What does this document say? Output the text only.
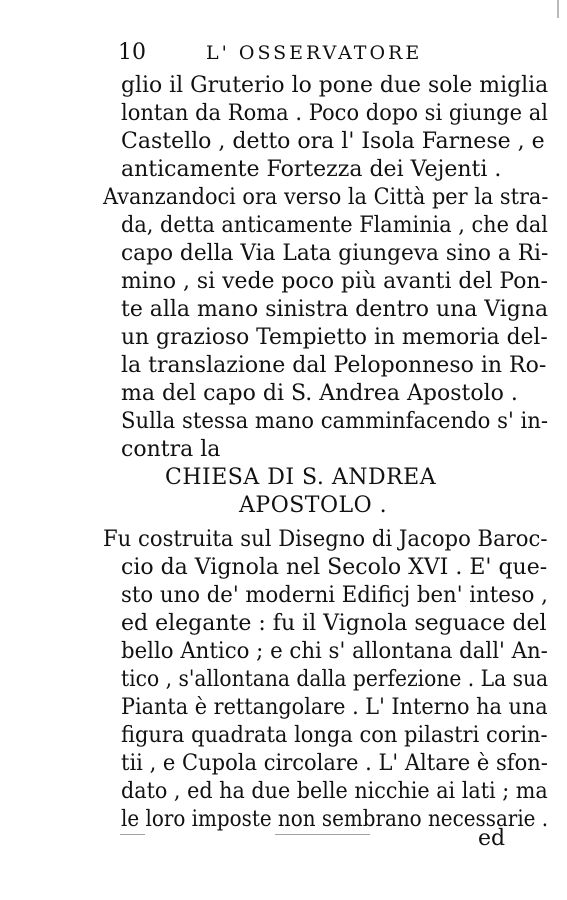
10	L' OSSERVATORE
glio il Gruterio lo pone due sole miglia
lontan da Roma . Poco dopo si giunge al
Castello , detto ora l' Isola Farnese , e
anticamente Fortezza dei Vejenti .
Avanzandoci ora verso la Città per la stra-
da, detta anticamente Flaminia , che dal
capo della Via Lata giungeva sino a Ri-
mino , si vede poco più avanti del Pon-
te alla mano sinistra dentro una Vigna
un grazioso Tempietto in memoria del-
la translazione dal Peloponneso in Ro-
ma del capo di S. Andrea Apostolo .
Sulla stessa mano camminfacendo s' in-
contra la
CHIESA DI S. ANDREA
APOSTOLO .
Fu costruita sul Disegno di Jacopo Baroc-
cio da Vignola nel Secolo XVI . E' que-
sto uno de' moderni Edificj ben' inteso ,
ed elegante : fu il Vignola seguace del
bello Antico ; e chi s' allontana dall' An-
tico , s'allontana dalla perfezione . La sua
Pianta è rettangolare . L' Interno ha una
figura quadrata longa con pilastri corin-
tii , e Cupola circolare . L' Altare è sfon-
dato , ed ha due belle nicchie ai lati ; ma
le loro imposte non sembrano necessarie .
ed
